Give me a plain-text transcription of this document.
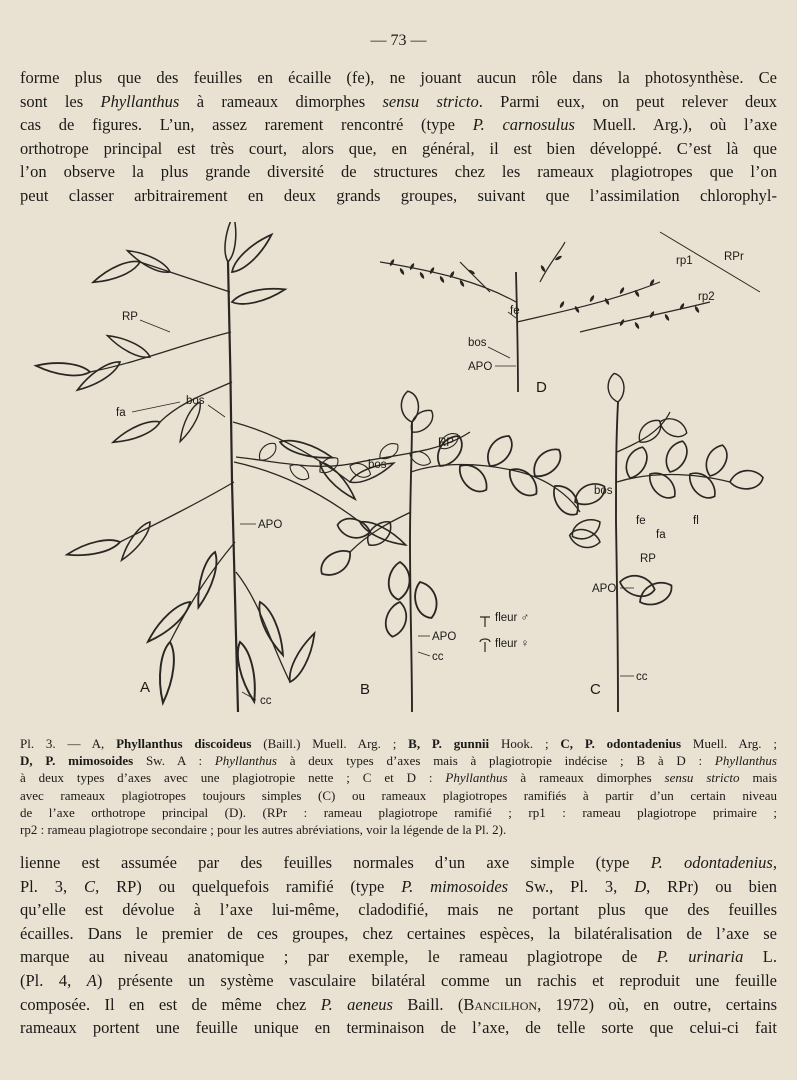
— 73 —

forme plus que des feuilles en écaille (fe), ne jouant aucun rôle dans la photosynthèse. Ce
sont les Phyllanthus à rameaux dimorphes sensu stricto. Parmi eux, on peut relever deux
cas de figures. L’un, assez rarement rencontré (type P. carnosulus Muell. Arg.), où l’axe
orthotrope principal est très court, alors que, en général, il est bien développé. C’est là que
l’on observe la plus grande diversité de structures chez les rameaux plagiotropes que l’on
peut classer arbitrairement en deux grands groupes, suivant que l’assimilation chlorophyl-

RP
fa
bos
APO
cc
A
bos
RP
APO
cc
B
fleur ♂
fleur ♀
bos
fe	fl
fa
RP
APO
cc
C
fe
bos
APO
D
rp1	RPr
rp2

Pl. 3. — A, Phyllanthus discoideus (Baill.) Muell. Arg. ; B, P. gunnii Hook. ; C, P. odontadenius Muell. Arg. ;
D, P. mimosoides Sw. A : Phyllanthus à deux types d’axes mais à plagiotropie indécise ; B à D : Phyllanthus
à deux types d’axes avec une plagiotropie nette ; C et D : Phyllanthus à rameaux dimorphes sensu stricto mais
avec rameaux plagiotropes toujours simples (C) ou rameaux plagiotropes ramifiés à partir d’un certain niveau
de l’axe orthotrope principal (D). (RPr : rameau plagiotrope ramifié ; rp1 : rameau plagiotrope primaire ;
rp2 : rameau plagiotrope secondaire ; pour les autres abréviations, voir la légende de la Pl. 2).

lienne est assumée par des feuilles normales d’un axe simple (type P. odontadenius,
Pl. 3, C, RP) ou quelquefois ramifié (type P. mimosoides Sw., Pl. 3, D, RPr) ou bien
qu’elle est dévolue à l’axe lui-même, cladodifié, mais ne portant plus que des feuilles
écailles. Dans le premier de ces groupes, chez certaines espèces, la bilatéralisation de l’axe se
marque au niveau anatomique ; par exemple, le rameau plagiotrope de P. urinaria L.
(Pl. 4, A) présente un système vasculaire bilatéral comme un rachis et reproduit une feuille
composée. Il en est de même chez P. aeneus Baill. (Bancilhon, 1972) où, en outre, certains
rameaux portent une feuille unique en terminaison de l’axe, de telle sorte que celui-ci fait
